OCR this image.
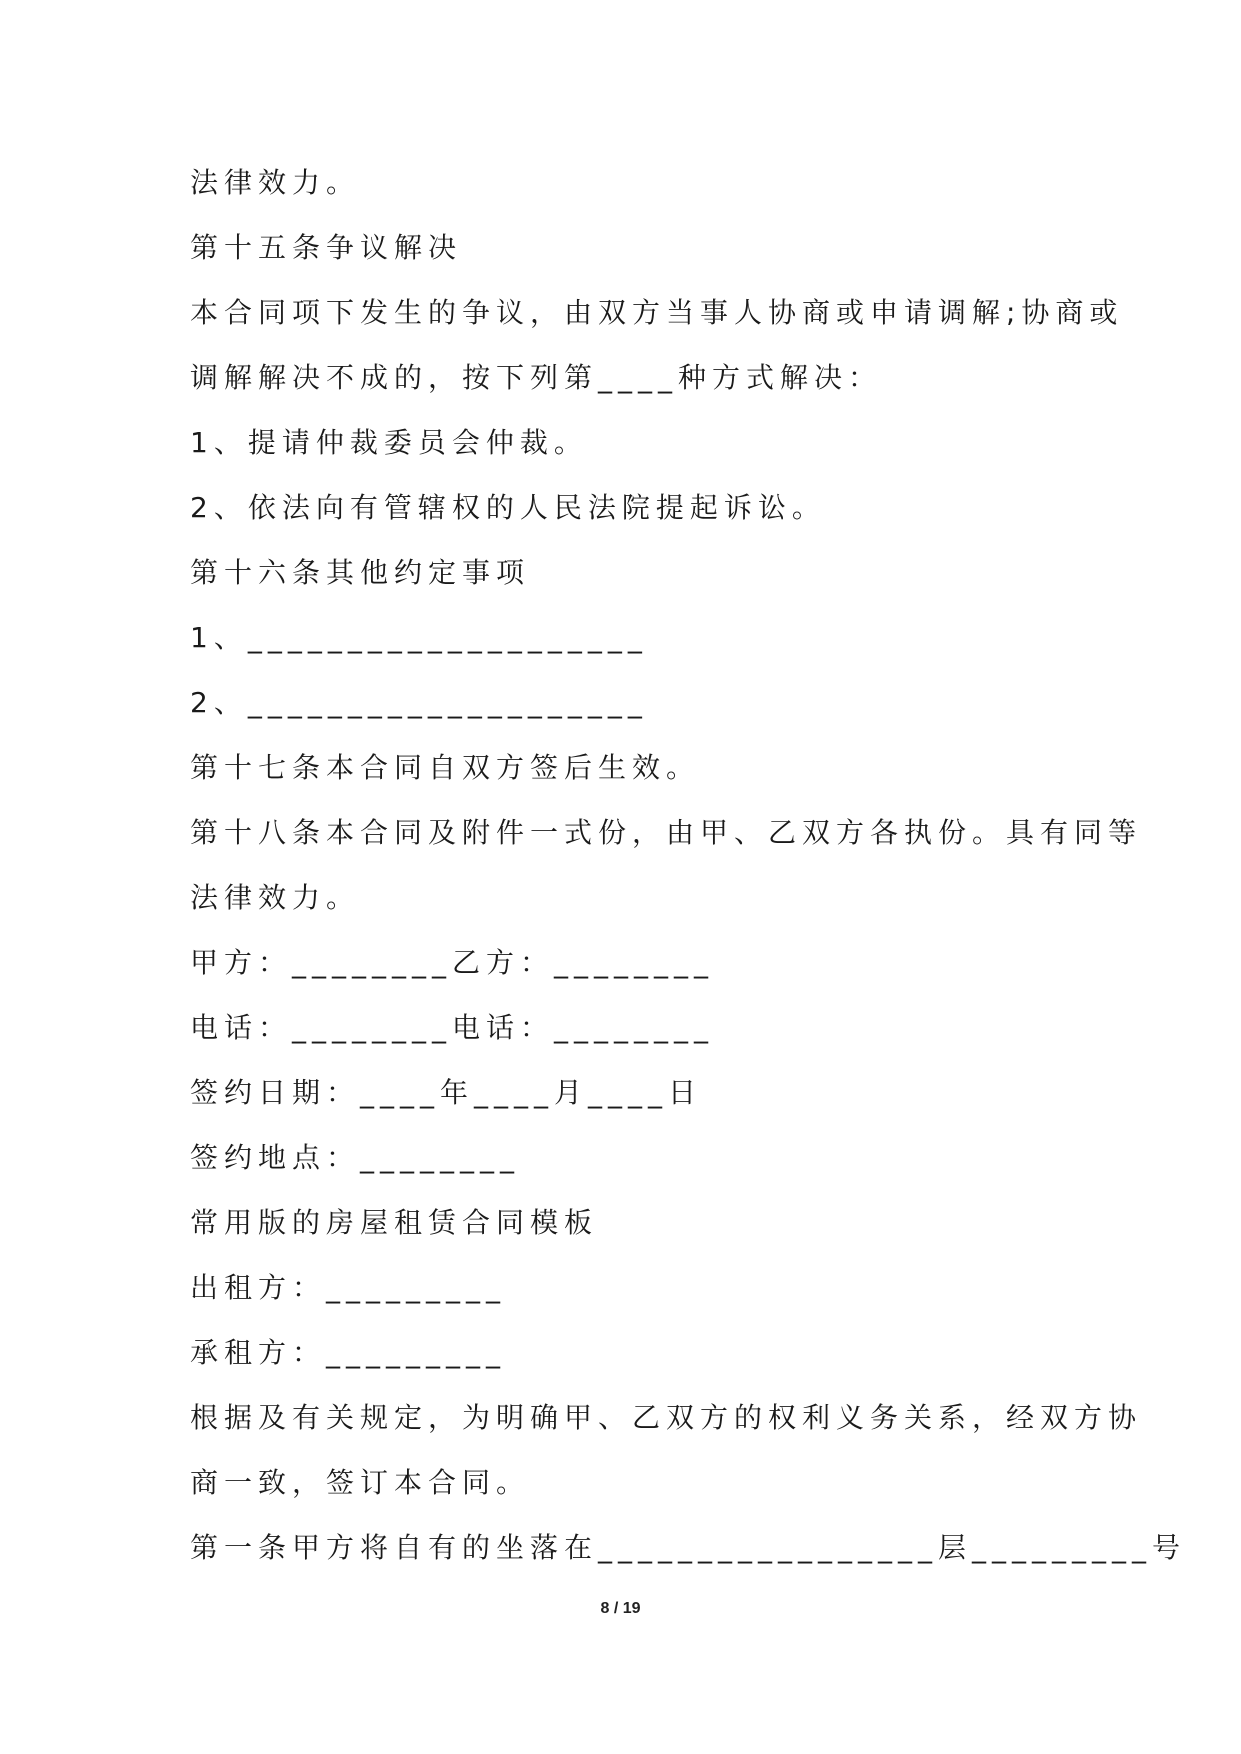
法律效力。
第十五条争议解决
本合同项下发生的争议，由双方当事人协商或申请调解;协商或
调解解决不成的，按下列第____种方式解决：
1、提请仲裁委员会仲裁。
2、依法向有管辖权的人民法院提起诉讼。
第十六条其他约定事项
1、____________________
2、____________________
第十七条本合同自双方签后生效。
第十八条本合同及附件一式份，由甲、乙双方各执份。具有同等
法律效力。
甲方：________乙方：________
电话：________电话：________
签约日期：____年____月____日
签约地点：________
常用版的房屋租赁合同模板
出租方：_________
承租方：_________
根据及有关规定，为明确甲、乙双方的权利义务关系，经双方协
商一致，签订本合同。
第一条甲方将自有的坐落在_________________层_________号
8 / 19
